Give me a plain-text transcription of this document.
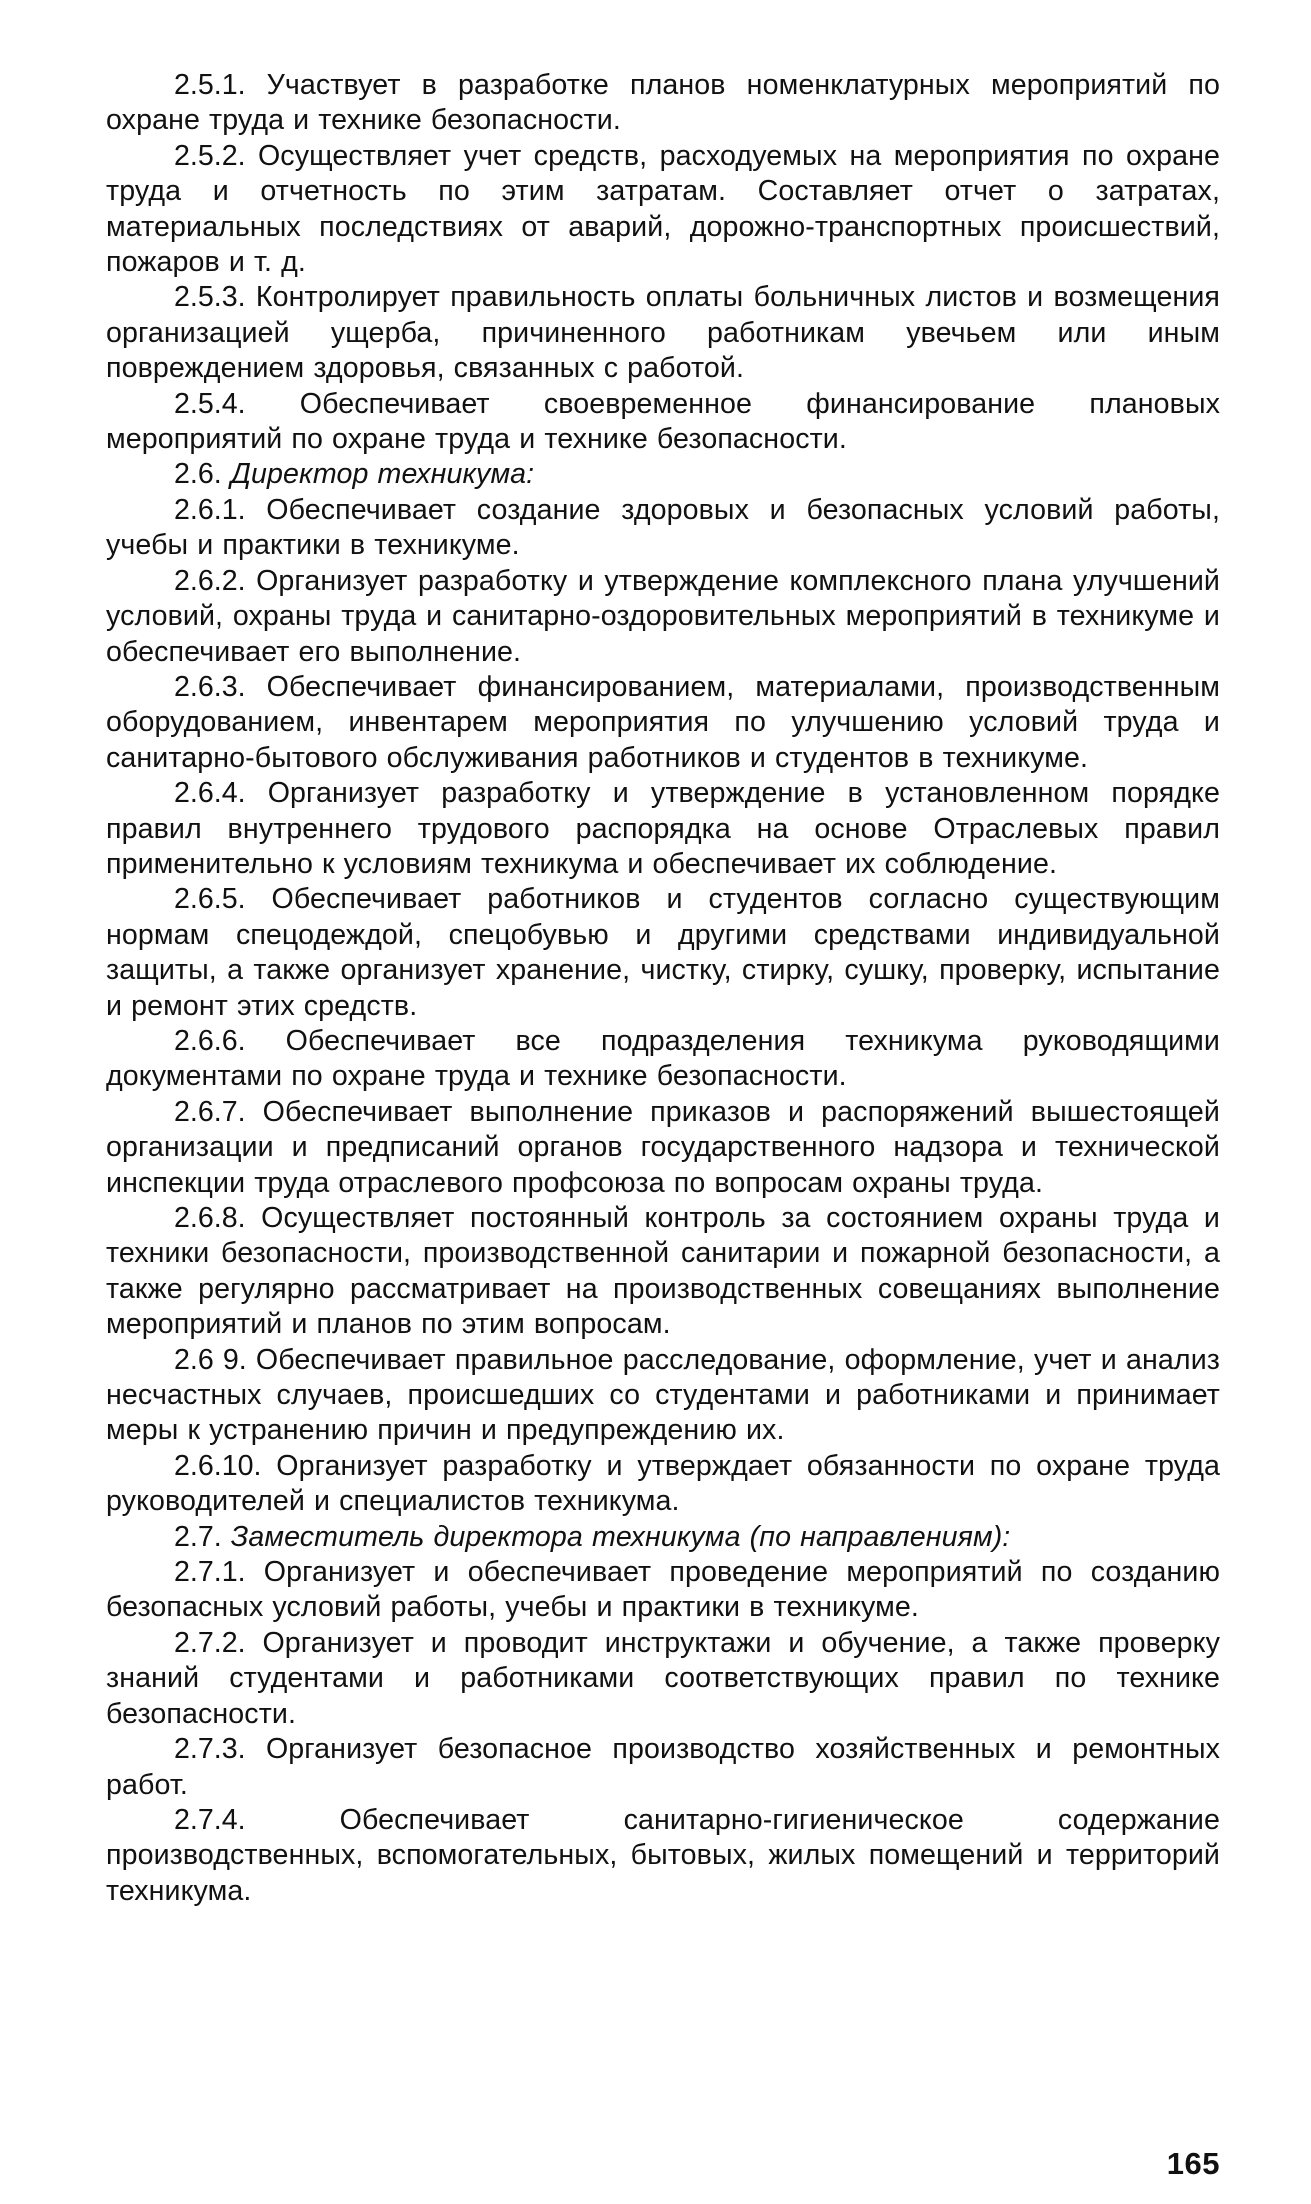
2.5.1. Участвует в разработке планов номенклатурных мероприятий по охране труда и технике безопасности.

2.5.2. Осуществляет учет средств, расходуемых на мероприятия по охране труда и отчетность по этим затратам. Составляет отчет о затратах, материальных последствиях от аварий, дорожно-транспортных происшествий, пожаров и т. д.

2.5.3. Контролирует правильность оплаты больничных листов и возмещения организацией ущерба, причиненного работникам увечьем или иным повреждением здоровья, связанных с работой.

2.5.4. Обеспечивает своевременное финансирование плановых мероприятий по охране труда и технике безопасности.

2.6. Директор техникума:

2.6.1. Обеспечивает создание здоровых и безопасных условий работы, учебы и практики в техникуме.

2.6.2. Организует разработку и утверждение комплексного плана улучшений условий, охраны труда и санитарно-оздоровительных мероприятий в техникуме и обеспечивает его выполнение.

2.6.3. Обеспечивает финансированием, материалами, производственным оборудованием, инвентарем мероприятия по улучшению условий труда и санитарно-бытового обслуживания работников и студентов в техникуме.

2.6.4. Организует разработку и утверждение в установленном порядке правил внутреннего трудового распорядка на основе Отраслевых правил применительно к условиям техникума и обеспечивает их соблюдение.

2.6.5. Обеспечивает работников и студентов согласно существующим нормам спецодеждой, спецобувью и другими средствами индивидуальной защиты, а также организует хранение, чистку, стирку, сушку, проверку, испытание и ремонт этих средств.

2.6.6. Обеспечивает все подразделения техникума руководящими документами по охране труда и технике безопасности.

2.6.7. Обеспечивает выполнение приказов и распоряжений вышестоящей организации и предписаний органов государственного надзора и технической инспекции труда отраслевого профсоюза по вопросам охраны труда.

2.6.8. Осуществляет постоянный контроль за состоянием охраны труда и техники безопасности, производственной санитарии и пожарной безопасности, а также регулярно рассматривает на производственных совещаниях выполнение мероприятий и планов по этим вопросам.

2.6 9. Обеспечивает правильное расследование, оформление, учет и анализ несчастных случаев, происшедших со студентами и работниками и принимает меры к устранению причин и предупреждению их.

2.6.10. Организует разработку и утверждает обязанности по охране труда руководителей и специалистов техникума.

2.7. Заместитель директора техникума (по направлениям):

2.7.1. Организует и обеспечивает проведение мероприятий по созданию безопасных условий работы, учебы и практики в техникуме.

2.7.2. Организует и проводит инструктажи и обучение, а также проверку знаний студентами и работниками соответствующих правил по технике безопасности.

2.7.3. Организует безопасное производство хозяйственных и ремонтных работ.

2.7.4.	Обеспечивает санитарно-гигиеническое содержание производственных, вспомогательных, бытовых, жилых помещений и территорий техникума.

165
